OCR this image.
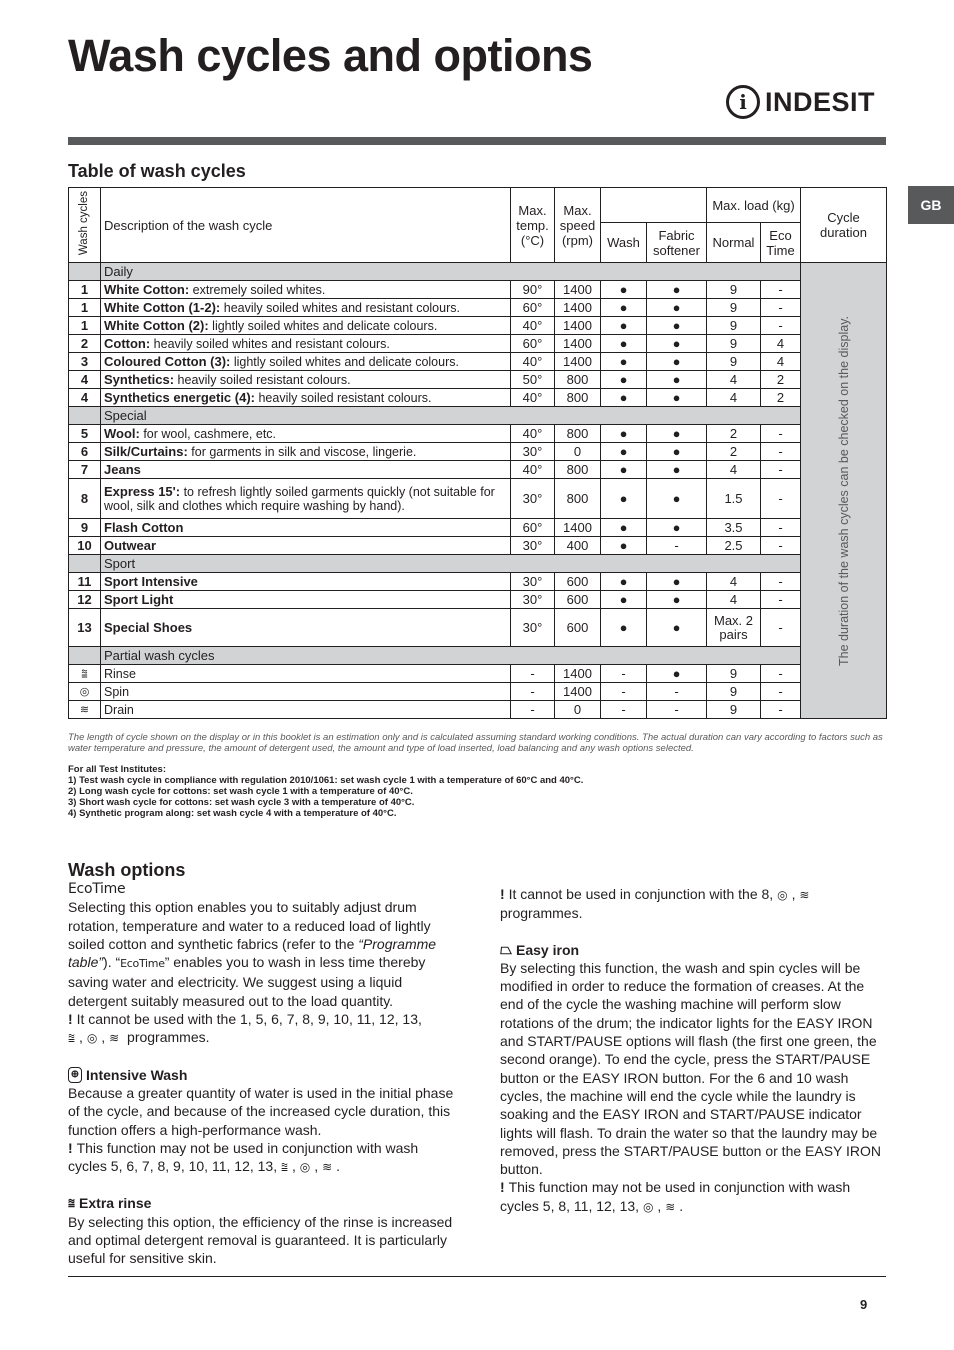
Wash cycles and options
i INDESIT
GB
Table of wash cycles
Wash cycles	Description of the wash cycle	Max. temp. (°C)	Max. speed (rpm)			Max. load (kg)		Cycle duration
				Wash	Fabric softener	Normal	Eco Time	
	Daily							The duration of the wash cycles can be checked on the display.

1	White Cotton: extremely soiled whites.	90°	1400	●	●	9	-	
1	White Cotton (1-2): heavily soiled whites and resistant colours.	60°	1400	●	●	9	-	
1	White Cotton (2): lightly soiled whites and delicate colours.	40°	1400	●	●	9	-	
2	Cotton: heavily soiled whites and resistant colours.	60°	1400	●	●	9	4	
3	Coloured Cotton (3): lightly soiled whites and delicate colours.	40°	1400	●	●	9	4	
4	Synthetics: heavily soiled resistant colours.	50°	800	●	●	4	2	
4	Synthetics energetic (4): heavily soiled resistant colours.	40°	800	●	●	4	2	
	Special							
5	Wool: for wool, cashmere, etc.	40°	800	●	●	2	-	
6	Silk/Curtains: for garments in silk and viscose, lingerie.	30°	0	●	●	2	-	
7	Jeans	40°	800	●	●	4	-	
8	Express 15': to refresh lightly soiled garments quickly (not suitable for wool, silk and clothes which require washing by hand).	30°	800	●	●	1.5	-	
9	Flash Cotton	60°	1400	●	●	3.5	-	
10	Outwear	30°	400	●	-	2.5	-	
	Sport							
11	Sport Intensive	30°	600	●	●	4	-	
12	Sport Light	30°	600	●	●	4	-	
13	Special Shoes	30°	600	●	●	Max. 2 pairs	-	
	Partial wash cycles							
⩰	Rinse	-	1400	-	●	9	-	
◎	Spin	-	1400	-	-	9	-	
≋	Drain	-	0	-	-	9	-	
The length of cycle shown on the display or in this booklet is an estimation only and is calculated assuming standard working conditions. The actual duration can vary according to factors such as water temperature and pressure, the amount of detergent used, the amount and type of load inserted, load balancing and any wash options selected.
For all Test Institutes:
1) Test wash cycle in compliance with regulation 2010/1061: set wash cycle 1 with a temperature of 60°C and 40°C.
2) Long wash cycle for cottons: set wash cycle 1 with a temperature of 40°C.
3) Short wash cycle for cottons: set wash cycle 3 with a temperature of 40°C.
4) Synthetic program along: set wash cycle 4 with a temperature of 40°C.
Wash options
EcoTime

Selecting this option enables you to suitably adjust drum rotation, temperature and water to a reduced load of lightly soiled cotton and synthetic fabrics (refer to the “Programme table”). “EcoTime” enables you to wash in less time thereby saving water and electricity. We suggest using a liquid detergent suitably measured out to the load quantity.

! It cannot be used with the 1, 5, 6, 7, 8, 9, 10, 11, 12, 13,
⩰ , ◎ , ≋ programmes.

⊕ Intensive Wash

Because a greater quantity of water is used in the initial phase of the cycle, and because of the increased cycle duration, this function offers a high-performance wash.

! This function may not be used in conjunction with wash cycles 5, 6, 7, 8, 9, 10, 11, 12, 13, ⩰ , ◎ , ≋ .

⩰ Extra rinse

By selecting this option, the efficiency of the rinse is increased and optimal detergent removal is guaranteed. It is particularly useful for sensitive skin.

! It cannot be used in conjunction with the 8, ◎ , ≋
programmes.

⏢ Easy iron

By selecting this function, the wash and spin cycles will be modified in order to reduce the formation of creases. At the end of the cycle the washing machine will perform slow rotations of the drum; the indicator lights for the EASY IRON and START/PAUSE options will flash (the first one green, the second orange). To end the cycle, press the START/PAUSE button or the EASY IRON button. For the 6 and 10 wash cycles, the machine will end the cycle while the laundry is soaking and the EASY IRON and START/PAUSE indicator lights will flash. To drain the water so that the laundry may be removed, press the START/PAUSE button or the EASY IRON button.

! This function may not be used in conjunction with wash cycles 5, 8, 11, 12, 13, ◎ , ≋ .

9
